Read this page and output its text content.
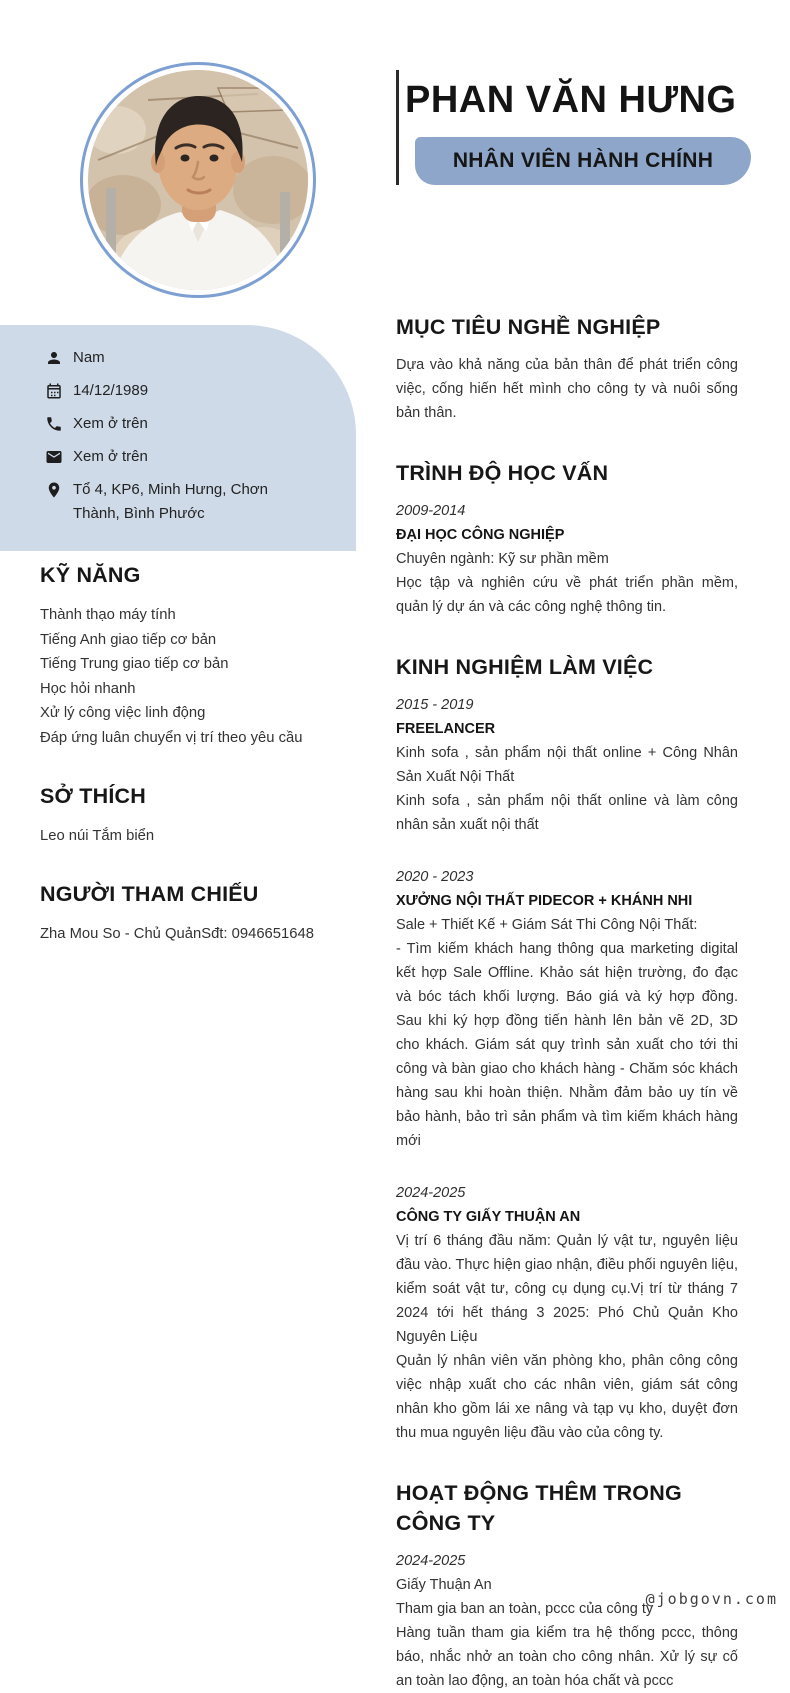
PHAN VĂN HƯNG
NHÂN VIÊN HÀNH CHÍNH
Nam
14/12/1989
Xem ở trên
Xem ở trên
Tổ 4, KP6, Minh Hưng, Chơn Thành, Bình Phước
KỸ NĂNG
Thành thạo máy tính
Tiếng Anh giao tiếp cơ bản
Tiếng Trung giao tiếp cơ bản
Học hỏi nhanh
Xử lý công việc linh động
Đáp ứng luân chuyển vị trí theo yêu cầu
SỞ THÍCH

Leo núi Tắm biển

NGƯỜI THAM CHIẾU

Zha Mou So - Chủ QuảnSđt: 0946651648

MỤC TIÊU NGHỀ NGHIỆP

Dựa vào khả năng của bản thân để phát triển công việc, cống hiến hết mình cho công ty và nuôi sống bản thân.

TRÌNH ĐỘ HỌC VẤN

2009-2014

ĐẠI HỌC CÔNG NGHIỆP

Chuyên ngành: Kỹ sư phần mềm

Học tập và nghiên cứu về phát triển phần mềm, quản lý dự án và các công nghệ thông tin.

KINH NGHIỆM LÀM VIỆC

2015 - 2019

FREELANCER

Kinh sofa , sản phẩm nội thất online + Công Nhân Sản Xuất Nội Thất

Kinh sofa , sản phẩm nội thất online và làm công nhân sản xuất nội thất

2020 - 2023

XƯỞNG NỘI THẤT PIDECOR + KHÁNH NHI

Sale + Thiết Kế + Giám Sát Thi Công Nội Thất:

- Tìm kiếm khách hang thông qua marketing digital kết hợp Sale Offline. Khảo sát hiện trường, đo đạc và bóc tách khối lượng. Báo giá và ký hợp đồng. Sau khi ký hợp đồng tiến hành lên bản vẽ 2D, 3D cho khách. Giám sát quy trình sản xuất cho tới thi công và bàn giao cho khách hàng - Chăm sóc khách hàng sau khi hoàn thiện. Nhằm đảm bảo uy tín về bảo hành, bảo trì sản phẩm và tìm kiếm khách hàng mới

2024-2025

CÔNG TY GIẤY THUẬN AN

Vị trí 6 tháng đầu năm: Quản lý vật tư, nguyên liệu đầu vào. Thực hiện giao nhận, điều phối nguyên liệu, kiểm soát vật tư, công cụ dụng cụ.Vị trí từ tháng 7 2024 tới hết tháng 3 2025: Phó Chủ Quản Kho Nguyên Liệu

Quản lý nhân viên văn phòng kho, phân công công việc nhập xuất cho các nhân viên, giám sát công nhân kho gồm lái xe nâng và tạp vụ kho, duyệt đơn thu mua nguyên liệu đầu vào của công ty.

HOẠT ĐỘNG THÊM TRONG CÔNG TY

2024-2025

Giấy Thuận An

Tham gia ban an toàn, pccc của công ty

Hàng tuần tham gia kiểm tra hệ thống pccc, thông báo, nhắc nhở an toàn cho công nhân. Xử lý sự cố an toàn lao động, an toàn hóa chất và pccc

@jobgovn.com
